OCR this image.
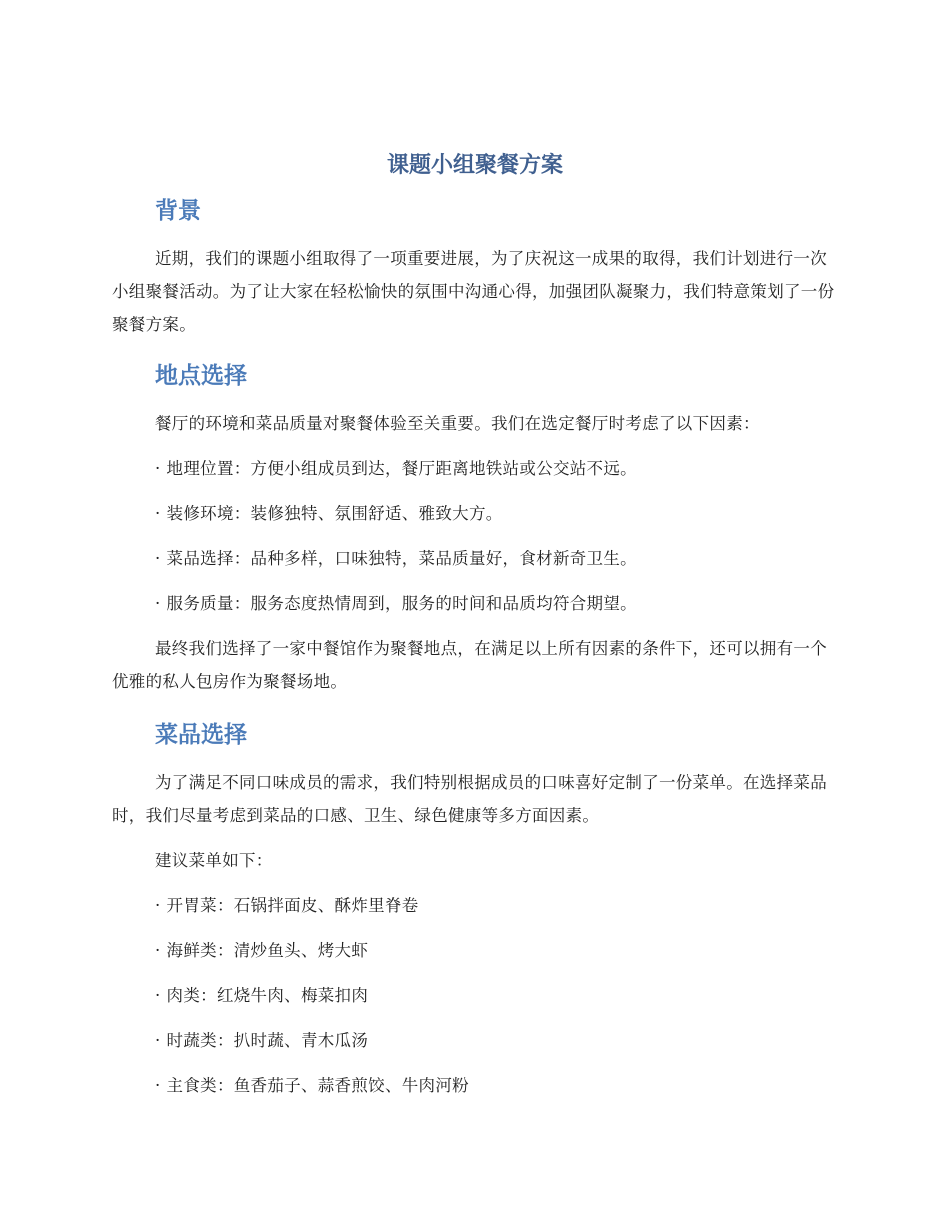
课题小组聚餐方案
背景

近期，我们的课题小组取得了一项重要进展，为了庆祝这一成果的取得，我们计划进行一次小组聚餐活动。为了让大家在轻松愉快的氛围中沟通心得，加强团队凝聚力，我们特意策划了一份聚餐方案。

地点选择

餐厅的环境和菜品质量对聚餐体验至关重要。我们在选定餐厅时考虑了以下因素：

· 地理位置：方便小组成员到达，餐厅距离地铁站或公交站不远。

· 装修环境：装修独特、氛围舒适、雅致大方。

· 菜品选择：品种多样，口味独特，菜品质量好，食材新奇卫生。

· 服务质量：服务态度热情周到，服务的时间和品质均符合期望。

最终我们选择了一家中餐馆作为聚餐地点，在满足以上所有因素的条件下，还可以拥有一个优雅的私人包房作为聚餐场地。

菜品选择

为了满足不同口味成员的需求，我们特别根据成员的口味喜好定制了一份菜单。在选择菜品时，我们尽量考虑到菜品的口感、卫生、绿色健康等多方面因素。

建议菜单如下：

· 开胃菜：石锅拌面皮、酥炸里脊卷

· 海鲜类：清炒鱼头、烤大虾

· 肉类：红烧牛肉、梅菜扣肉

· 时蔬类：扒时蔬、青木瓜汤

· 主食类：鱼香茄子、蒜香煎饺、牛肉河粉
